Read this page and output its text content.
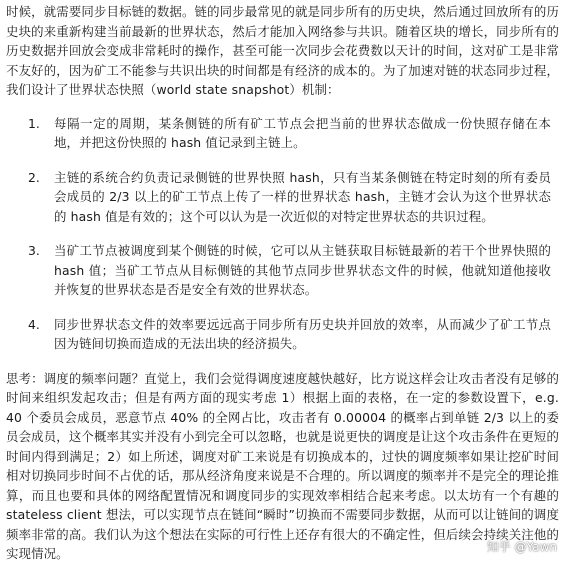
时候，就需要同步目标链的数据。链的同步最常见的就是同步所有的历史块，然后通过回放所有的历史块的来重新构建当前最新的世界状态，然后才能加入网络参与共识。随着区块的增长，同步所有的历史数据并回放会变成非常耗时的操作，甚至可能一次同步会花费数以天计的时间，这对矿工是非常不友好的，因为矿工不能参与共识出块的时间都是有经济的成本的。为了加速对链的状态同步过程，我们设计了世界状态快照（world state snapshot）机制：

1. 每隔一定的周期，某条侧链的所有矿工节点会把当前的世界状态做成一份快照存储在本地，并把这份快照的 hash 值记录到主链上。
2. 主链的系统合约负责记录侧链的世界快照 hash，只有当某条侧链在特定时刻的所有委员会成员的 2/3 以上的矿工节点上传了一样的世界状态 hash，主链才会认为这个世界状态的 hash 值是有效的；这个可以认为是一次近似的对特定世界状态的共识过程。
3. 当矿工节点被调度到某个侧链的时候，它可以从主链获取目标链最新的若干个世界快照的 hash 值；当矿工节点从目标侧链的其他节点同步世界状态文件的时候，他就知道他接收并恢复的世界状态是否是安全有效的世界状态。
4. 同步世界状态文件的效率要远远高于同步所有历史块并回放的效率，从而减少了矿工节点因为链间切换而造成的无法出块的经济损失。

思考：调度的频率问题？直觉上，我们会觉得调度速度越快越好，比方说这样会让攻击者没有足够的时间来组织发起攻击；但是有两方面的现实考虑 1）根据上面的表格，在一定的参数设置下，e.g. 40 个委员会成员，恶意节点 40% 的全网占比，攻击者有 0.00004 的概率占到单链 2/3 以上的委员会成员，这个概率其实并没有小到完全可以忽略，也就是说更快的调度是让这个攻击条件在更短的时间内得到满足；2）如上所述，调度对矿工来说是有切换成本的，过快的调度频率如果让挖矿时间相对切换同步时间不占优的话，那从经济角度来说是不合理的。所以调度的频率并不是完全的理论推算，而且也要和具体的网络配置情况和调度同步的实现效率相结合起来考虑。以太坊有一个有趣的 stateless client 想法，可以实现节点在链间“瞬时”切换而不需要同步数据，从而可以让链间的调度频率非常的高。我们认为这个想法在实际的可行性上还存有很大的不确定性，但后续会持续关注他的实现情况。	知乎 @Yawn
